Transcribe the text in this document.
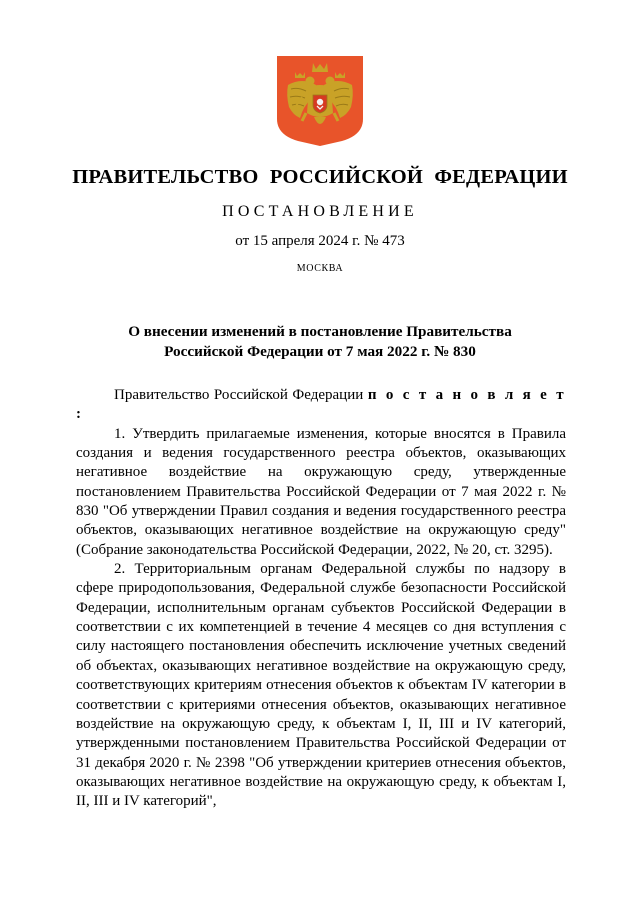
ПРАВИТЕЛЬСТВО РОССИЙСКОЙ ФЕДЕРАЦИИ
ПОСТАНОВЛЕНИЕ
от 15 апреля 2024 г. № 473
МОСКВА
О внесении изменений в постановление Правительства
Российской Федерации от 7 мая 2022 г. № 830

Правительство Российской Федерации п о с т а н о в л я е т :

1. Утвердить прилагаемые изменения, которые вносятся в Правила создания и ведения государственного реестра объектов, оказывающих негативное воздействие на окружающую среду, утвержденные постановлением Правительства Российской Федерации от 7 мая 2022 г. № 830 "Об утверждении Правил создания и ведения государственного реестра объектов, оказывающих негативное воздействие на окружающую среду" (Собрание законодательства Российской Федерации, 2022, № 20, ст. 3295).

2. Территориальным органам Федеральной службы по надзору в сфере природопользования, Федеральной службе безопасности Российской Федерации, исполнительным органам субъектов Российской Федерации в соответствии с их компетенцией в течение 4 месяцев со дня вступления с силу настоящего постановления обеспечить исключение учетных сведений об объектах, оказывающих негативное воздействие на окружающую среду, соответствующих критериям отнесения объектов к объектам IV категории в соответствии с критериями отнесения объектов, оказывающих негативное воздействие на окружающую среду, к объектам I, II, III и IV категорий, утвержденными постановлением Правительства Российской Федерации от 31 декабря 2020 г. № 2398 "Об утверждении критериев отнесения объектов, оказывающих негативное воздействие на окружающую среду, к объектам I, II, III и IV категорий",
